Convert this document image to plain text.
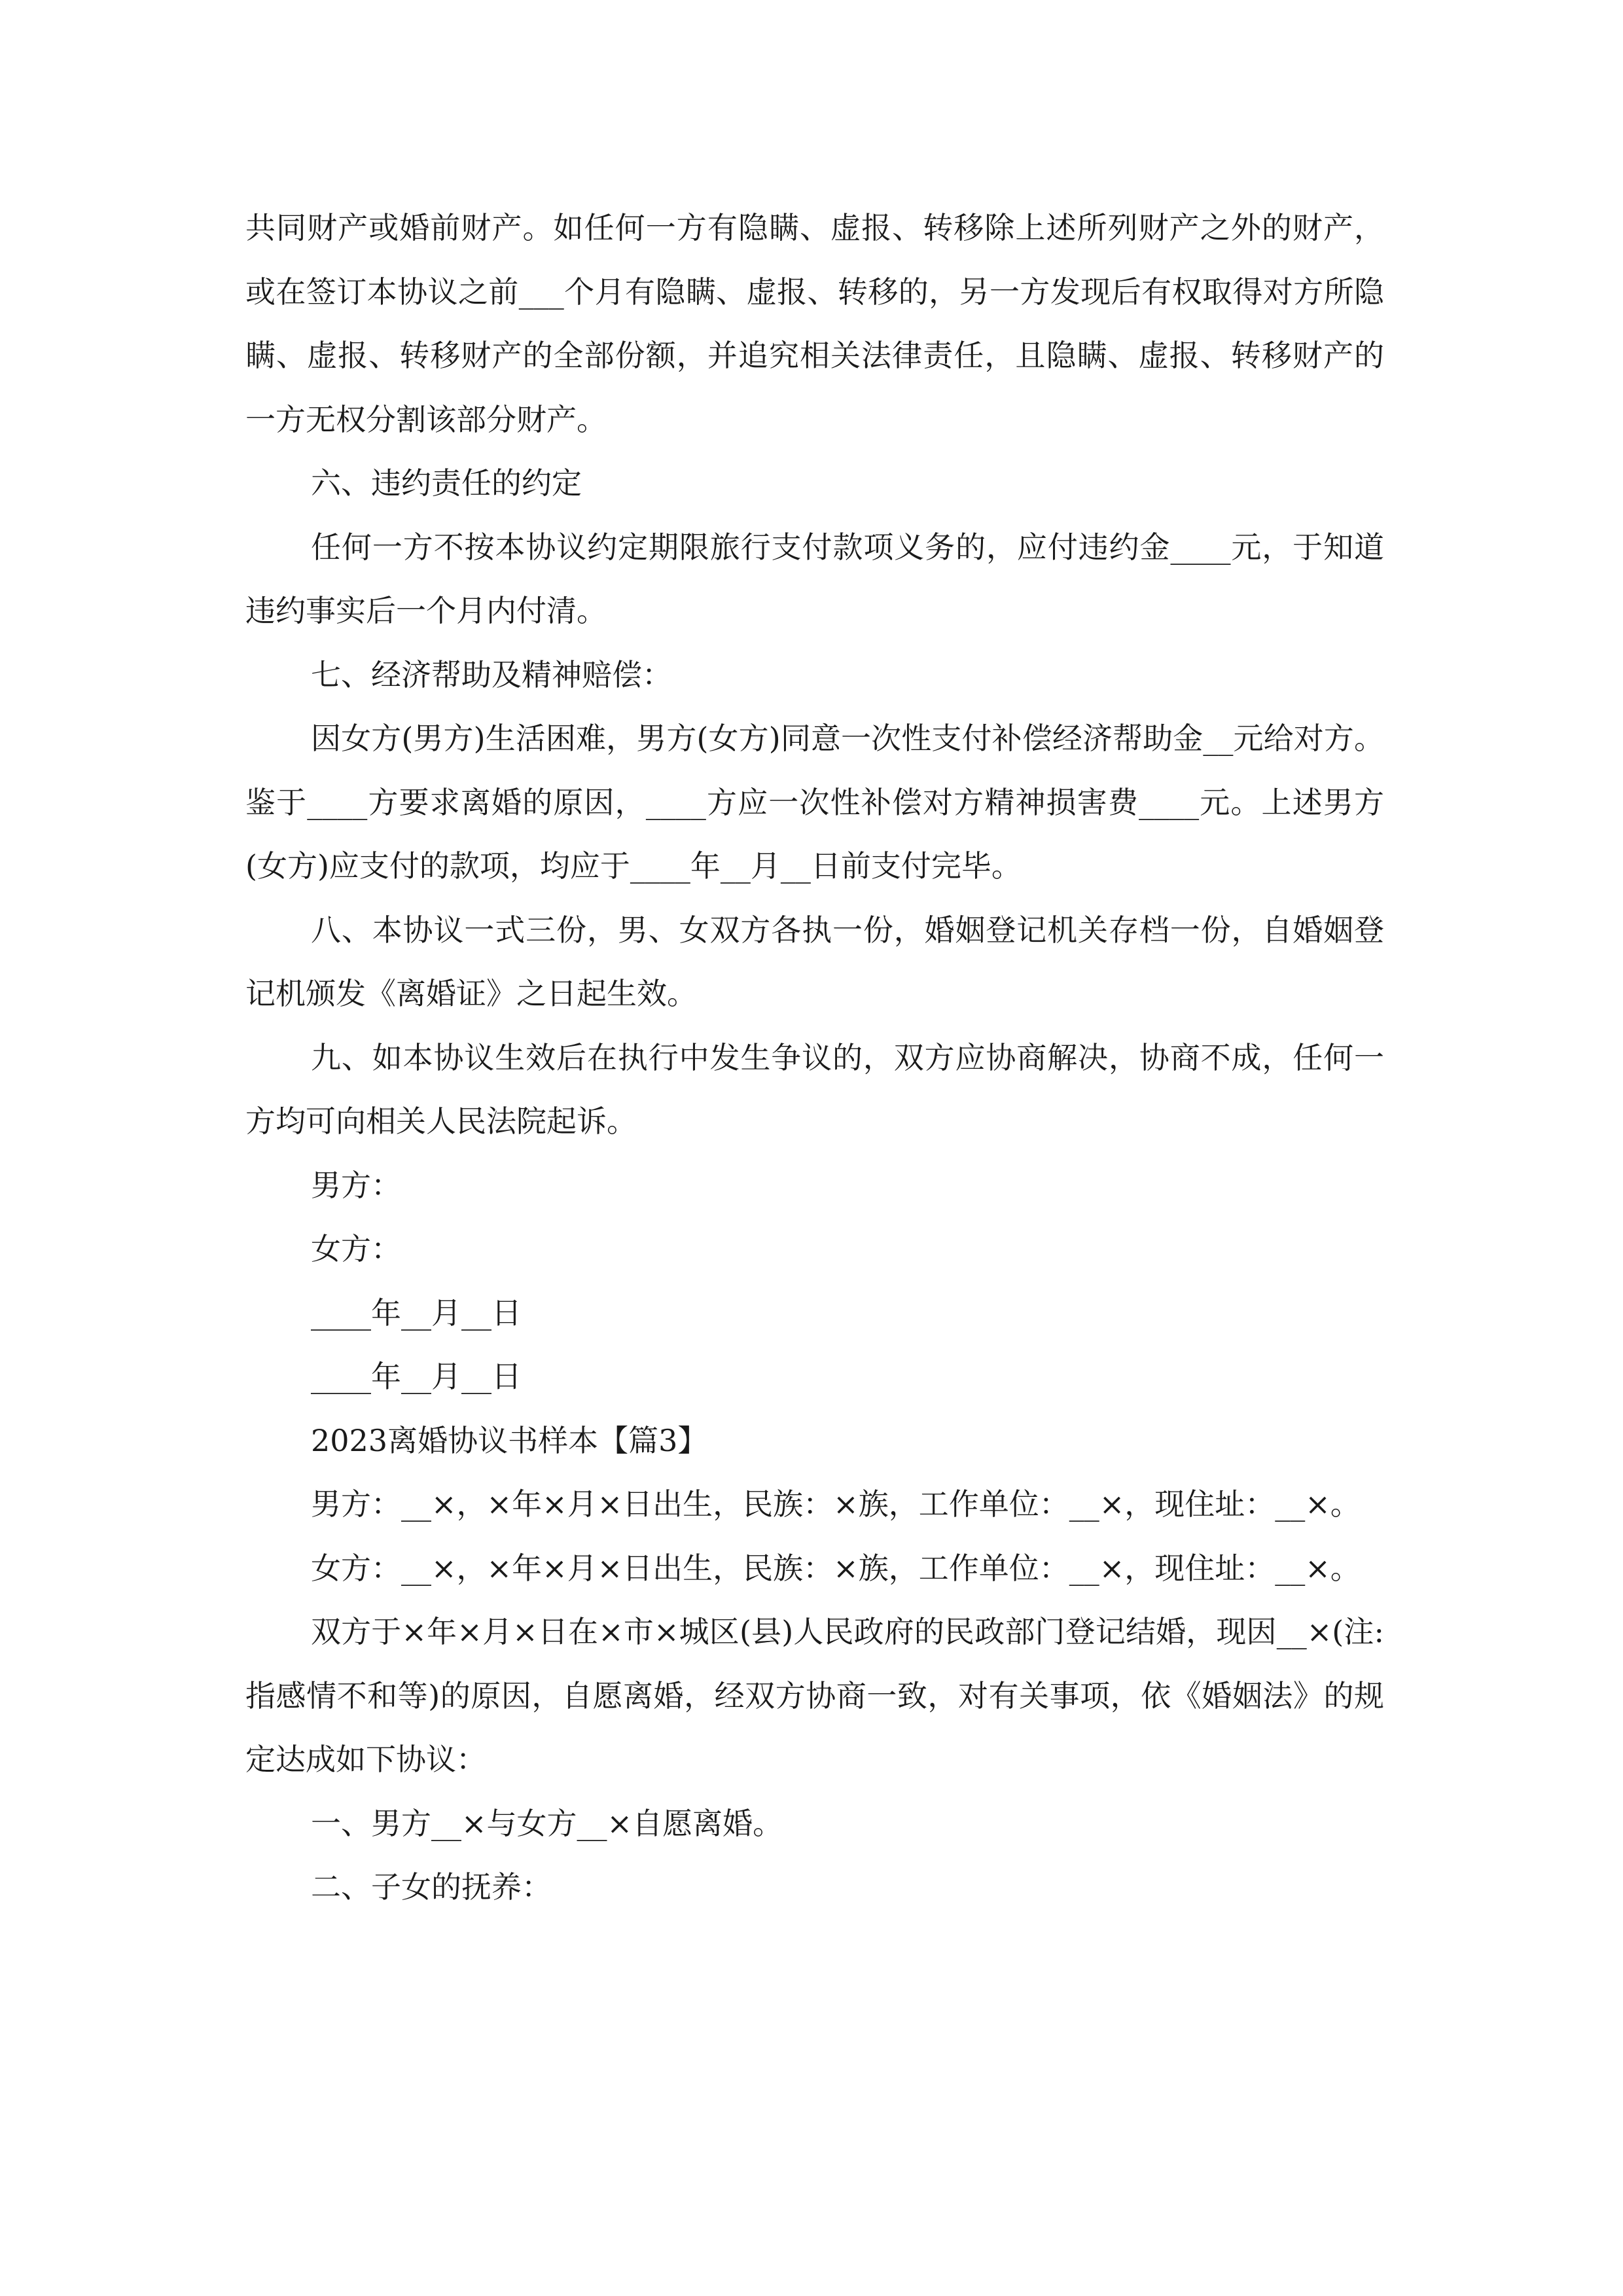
共同财产或婚前财产。如任何一方有隐瞒、虚报、转移除上述所列财产之外的财产，或在签订本协议之前___个月有隐瞒、虚报、转移的，另一方发现后有权取得对方所隐瞒、虚报、转移财产的全部份额，并追究相关法律责任，且隐瞒、虚报、转移财产的一方无权分割该部分财产。

六、违约责任的约定

任何一方不按本协议约定期限旅行支付款项义务的，应付违约金____元，于知道违约事实后一个月内付清。

七、经济帮助及精神赔偿：

因女方(男方)生活困难，男方(女方)同意一次性支付补偿经济帮助金__元给对方。鉴于____方要求离婚的原因，____方应一次性补偿对方精神损害费____元。上述男方(女方)应支付的款项，均应于____年__月__日前支付完毕。

八、本协议一式三份，男、女双方各执一份，婚姻登记机关存档一份，自婚姻登记机颁发《离婚证》之日起生效。

九、如本协议生效后在执行中发生争议的，双方应协商解决，协商不成，任何一方均可向相关人民法院起诉。

男方：

女方：

____年__月__日

____年__月__日

2023离婚协议书样本【篇3】

男方：__×，×年×月×日出生，民族：×族，工作单位：__×，现住址：__×。

女方：__×，×年×月×日出生，民族：×族，工作单位：__×，现住址：__×。

双方于×年×月×日在×市×城区(县)人民政府的民政部门登记结婚，现因__×(注:指感情不和等)的原因，自愿离婚，经双方协商一致，对有关事项，依《婚姻法》的规定达成如下协议：

一、男方__×与女方__×自愿离婚。

二、子女的抚养：
